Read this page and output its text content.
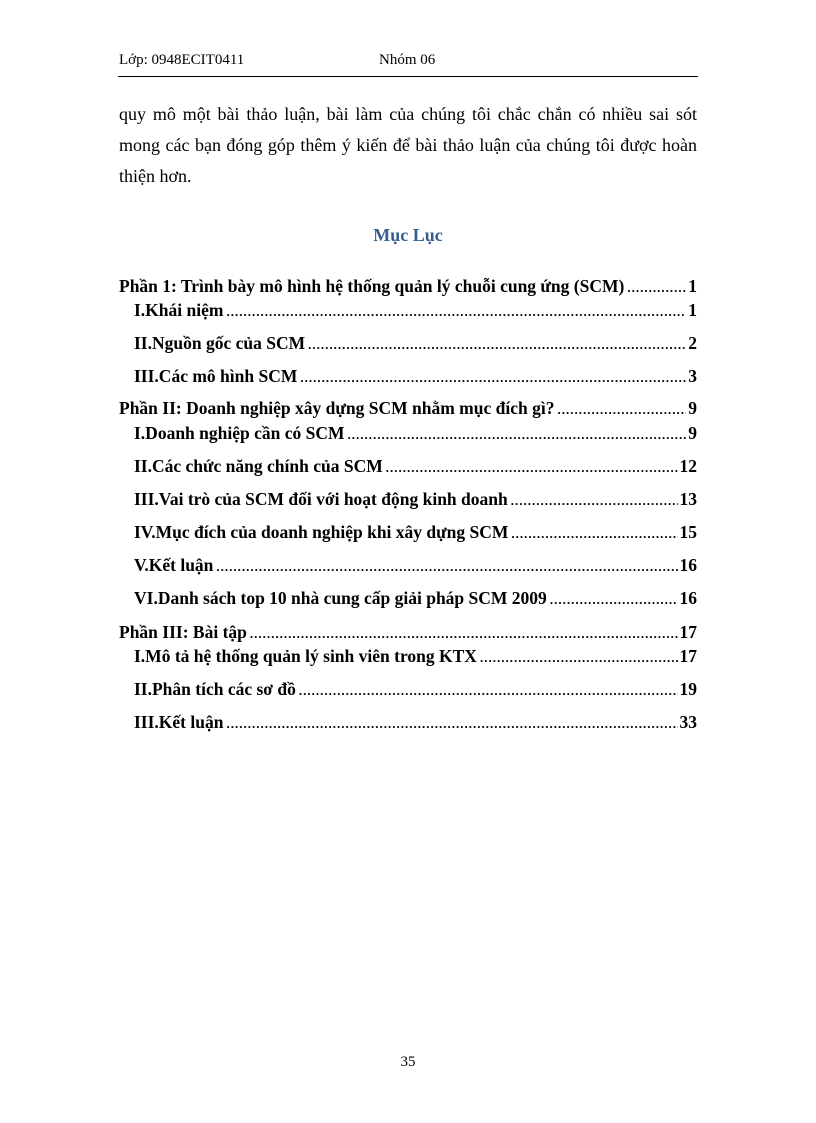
Lớp: 0948ECIT0411	Nhóm 06
quy mô một bài thảo luận, bài làm của chúng tôi chắc chắn có nhiều sai sót mong các bạn đóng góp thêm ý kiến để bài thảo luận của chúng tôi được hoàn thiện hơn.
Mục Lục
Phần 1: Trình bày mô hình hệ thống quản lý chuỗi cung ứng (SCM) .....	1
I.Khái niệm .....	1
II.Nguồn gốc của SCM .....	2
III.Các mô hình SCM .....	3
Phần II: Doanh nghiệp xây dựng SCM nhằm mục đích gì? .....	9
I.Doanh nghiệp cần có SCM .....	9
II.Các chức năng chính của SCM .....	12
III.Vai trò của SCM đối với hoạt động kinh doanh .....	13
IV.Mục đích của doanh nghiệp khi xây dựng SCM .....	15
V.Kết luận .....	16
VI.Danh sách top 10 nhà cung cấp giải pháp SCM 2009 .....	16
Phần III: Bài tập .....	17
I.Mô tả hệ thống quản lý sinh viên trong KTX .....	17
II.Phân tích các sơ đồ .....	19
III.Kết luận .....	33
35
